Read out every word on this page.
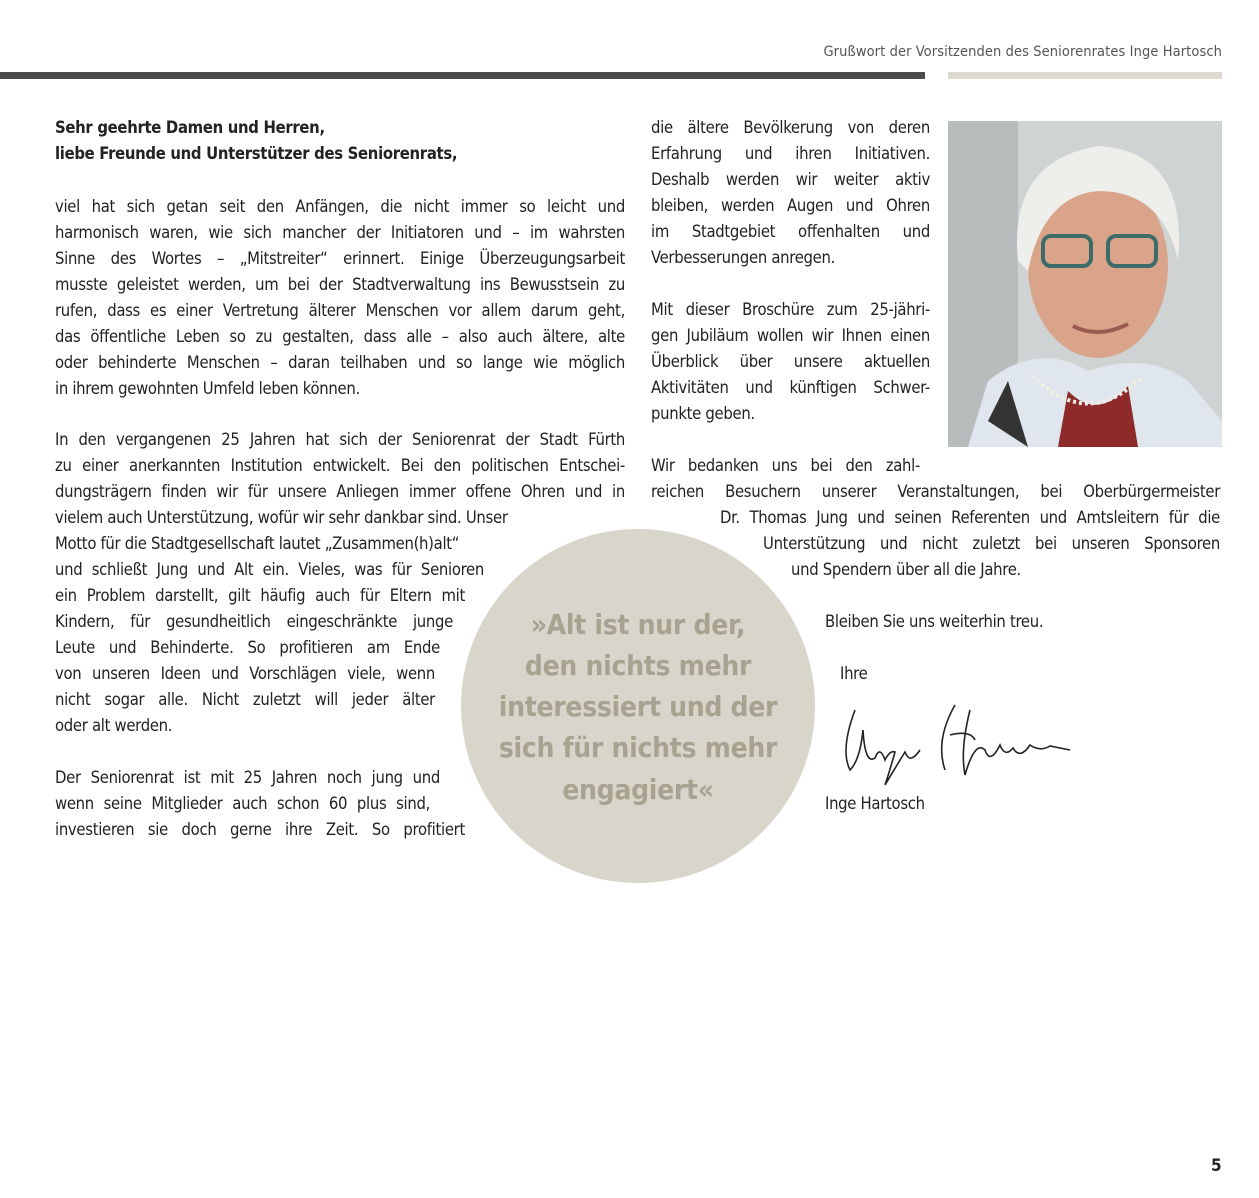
Grußwort der Vorsitzenden des Seniorenrates Inge Hartosch
»Alt ist nur der,
den nichts mehr
interessiert und der
sich für nichts mehr
engagiert«
5
Sehr geehrte Damen und Herren,
liebe Freunde und Unterstützer des Seniorenrats,
viel hat sich getan seit den Anfängen, die nicht immer so leicht und
harmonisch waren, wie sich mancher der Initiatoren und – im wahrsten
Sinne des Wortes – „Mitstreiter“ erinnert. Einige Überzeugungsarbeit
musste geleistet werden, um bei der Stadtverwaltung ins Bewusstsein zu
rufen, dass es einer Vertretung älterer Menschen vor allem darum geht,
das öffentliche Leben so zu gestalten, dass alle – also auch ältere, alte
oder behinderte Menschen – daran teilhaben und so lange wie möglich
in ihrem gewohnten Umfeld leben können.
In den vergangenen 25 Jahren hat sich der Seniorenrat der Stadt Fürth
zu einer anerkannten Institution entwickelt. Bei den politischen Entschei-
dungsträgern finden wir für unsere Anliegen immer offene Ohren und in
vielem auch Unterstützung, wofür wir sehr dankbar sind. Unser
Motto für die Stadtgesellschaft lautet „Zusammen(h)alt“
und schließt Jung und Alt ein. Vieles, was für Senioren
ein Problem darstellt, gilt häufig auch für Eltern mit
Kindern, für gesundheitlich eingeschränkte junge
Leute und Behinderte. So profitieren am Ende
von unseren Ideen und Vorschlägen viele, wenn
nicht sogar alle. Nicht zuletzt will jeder älter
oder alt werden.
Der Seniorenrat ist mit 25 Jahren noch jung und
wenn seine Mitglieder auch schon 60 plus sind,
investieren sie doch gerne ihre Zeit. So profitiert
die ältere Bevölkerung von deren
Erfahrung und ihren Initiativen.
Deshalb werden wir weiter aktiv
bleiben, werden Augen und Ohren
im Stadtgebiet offenhalten und
Verbesserungen anregen.
Mit dieser Broschüre zum 25-jähri-
gen Jubiläum wollen wir Ihnen einen
Überblick über unsere aktuellen
Aktivitäten und künftigen Schwer-
punkte geben.
Wir bedanken uns bei den zahl-
reichen Besuchern unserer Veranstaltungen, bei Oberbürgermeister
Dr. Thomas Jung und seinen Referenten und Amtsleitern für die
Unterstützung und nicht zuletzt bei unseren Sponsoren
und Spendern über all die Jahre.
Bleiben Sie uns weiterhin treu.
Ihre
Inge Hartosch
